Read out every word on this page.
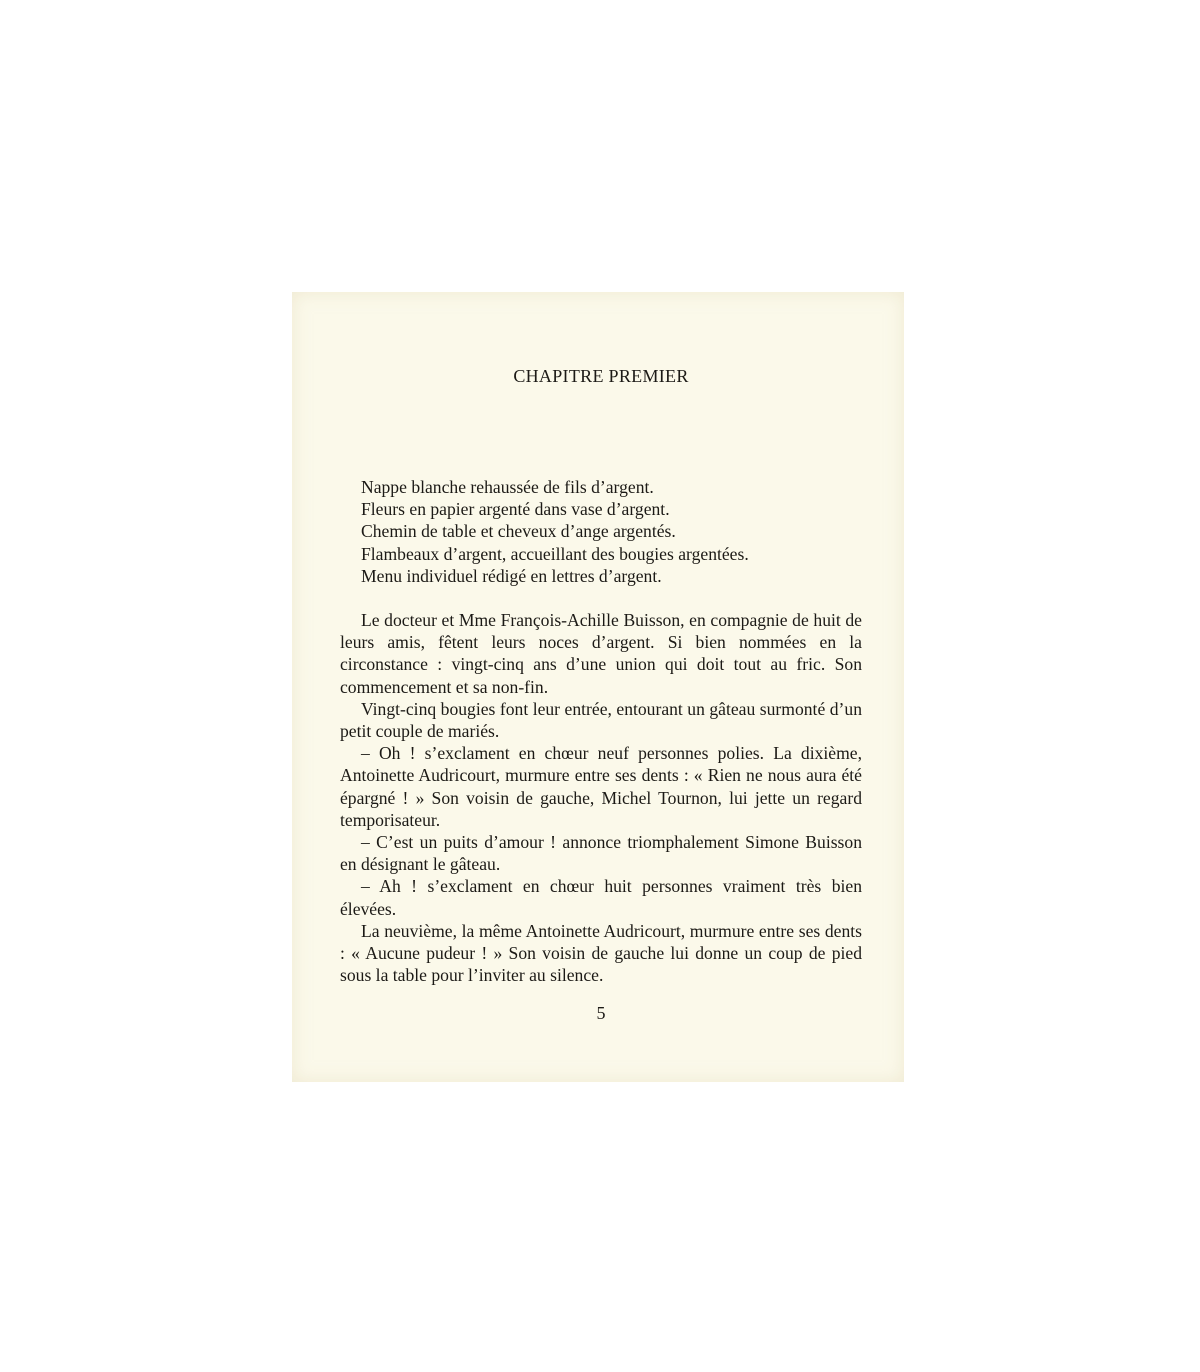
CHAPITRE PREMIER
Nappe blanche rehaussée de fils d’argent.
Fleurs en papier argenté dans vase d’argent.
Chemin de table et cheveux d’ange argentés.
Flambeaux d’argent, accueillant des bougies argentées.
Menu individuel rédigé en lettres d’argent.

Le docteur et Mme François-Achille Buisson, en compagnie de huit de leurs amis, fêtent leurs noces d’argent. Si bien nommées en la circonstance : vingt-cinq ans d’une union qui doit tout au fric. Son commencement et sa non-fin.

Vingt-cinq bougies font leur entrée, entourant un gâteau surmonté d’un petit couple de mariés.

– Oh ! s’exclament en chœur neuf personnes polies. La dixième, Antoinette Audricourt, murmure entre ses dents : « Rien ne nous aura été épargné ! » Son voisin de gauche, Michel Tournon, lui jette un regard temporisateur.

– C’est un puits d’amour ! annonce triomphalement Simone Buisson en désignant le gâteau.

– Ah ! s’exclament en chœur huit personnes vraiment très bien élevées.

La neuvième, la même Antoinette Audricourt, murmure entre ses dents : « Aucune pudeur ! » Son voisin de gauche lui donne un coup de pied sous la table pour l’inviter au silence.

5
